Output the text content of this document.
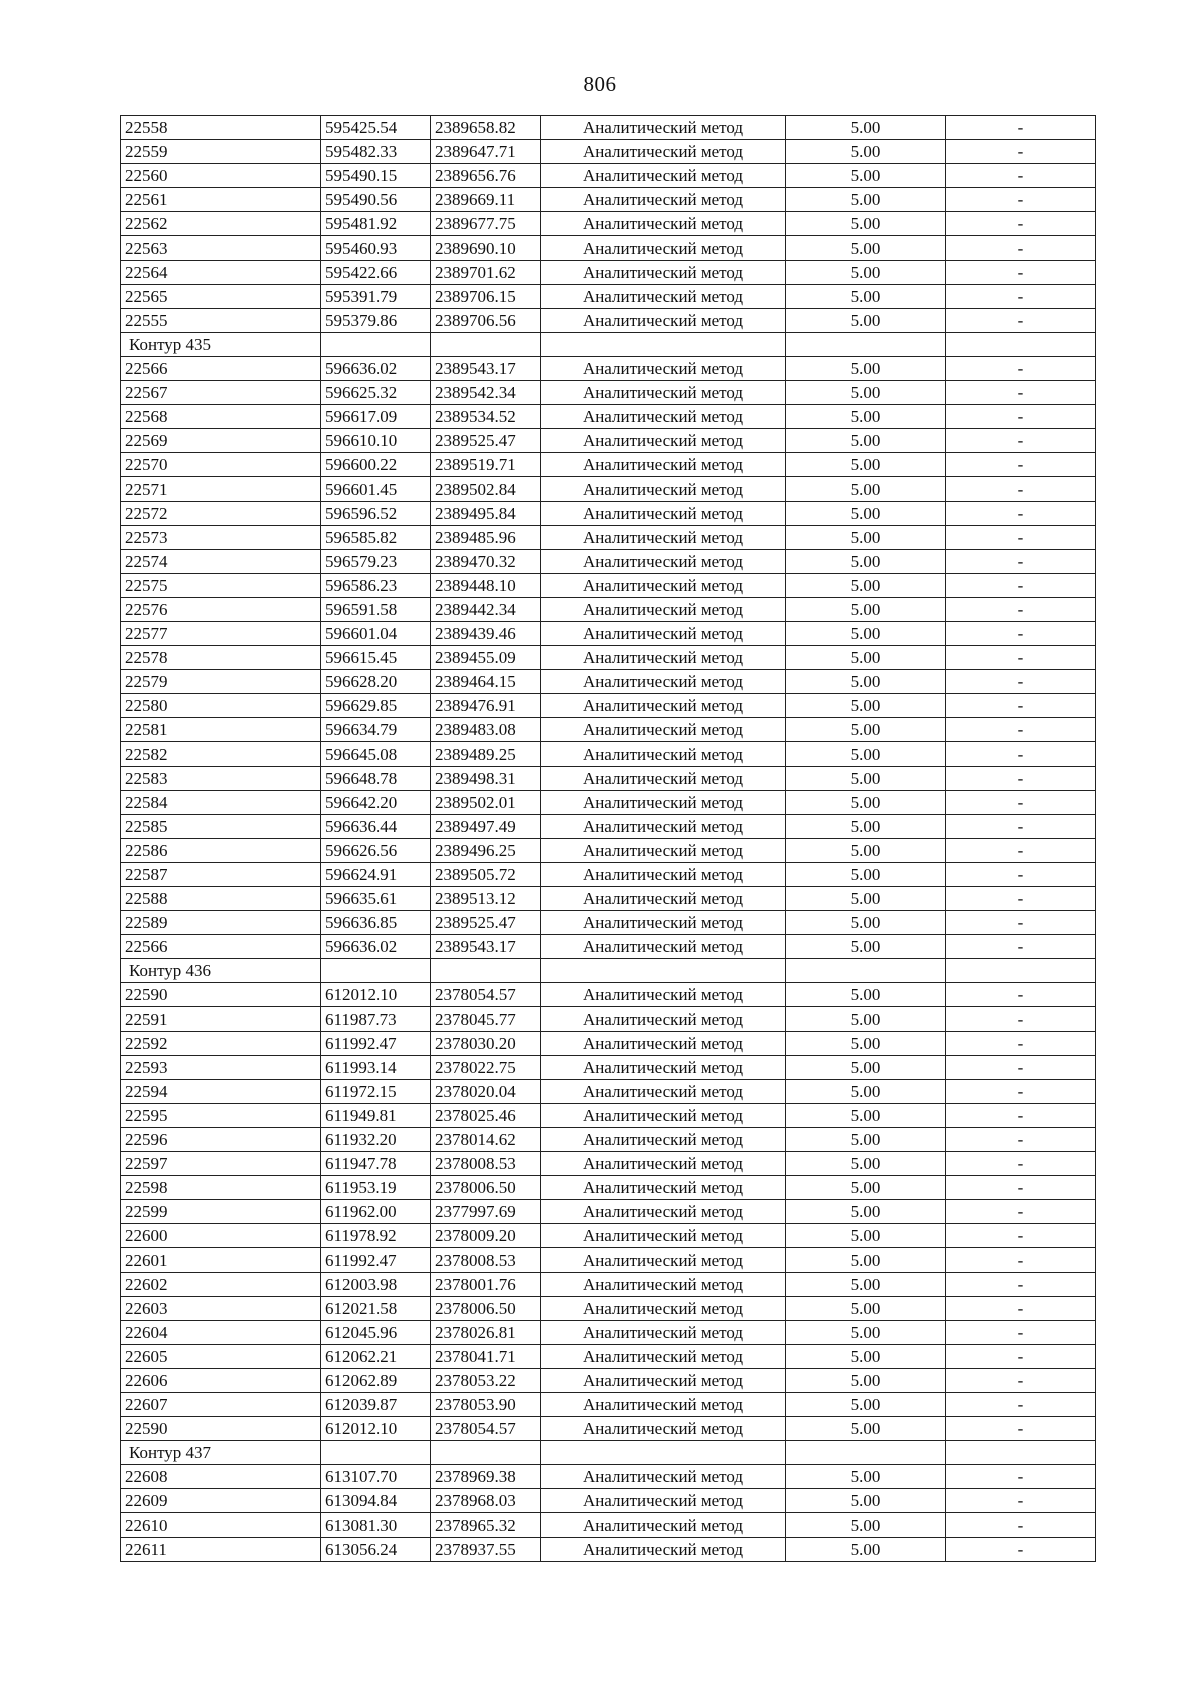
806
22558	595425.54	2389658.82	Аналитический метод	5.00	-
22559	595482.33	2389647.71	Аналитический метод	5.00	-
22560	595490.15	2389656.76	Аналитический метод	5.00	-
22561	595490.56	2389669.11	Аналитический метод	5.00	-
22562	595481.92	2389677.75	Аналитический метод	5.00	-
22563	595460.93	2389690.10	Аналитический метод	5.00	-
22564	595422.66	2389701.62	Аналитический метод	5.00	-
22565	595391.79	2389706.15	Аналитический метод	5.00	-
22555	595379.86	2389706.56	Аналитический метод	5.00	-
Контур 435					
22566	596636.02	2389543.17	Аналитический метод	5.00	-
22567	596625.32	2389542.34	Аналитический метод	5.00	-
22568	596617.09	2389534.52	Аналитический метод	5.00	-
22569	596610.10	2389525.47	Аналитический метод	5.00	-
22570	596600.22	2389519.71	Аналитический метод	5.00	-
22571	596601.45	2389502.84	Аналитический метод	5.00	-
22572	596596.52	2389495.84	Аналитический метод	5.00	-
22573	596585.82	2389485.96	Аналитический метод	5.00	-
22574	596579.23	2389470.32	Аналитический метод	5.00	-
22575	596586.23	2389448.10	Аналитический метод	5.00	-
22576	596591.58	2389442.34	Аналитический метод	5.00	-
22577	596601.04	2389439.46	Аналитический метод	5.00	-
22578	596615.45	2389455.09	Аналитический метод	5.00	-
22579	596628.20	2389464.15	Аналитический метод	5.00	-
22580	596629.85	2389476.91	Аналитический метод	5.00	-
22581	596634.79	2389483.08	Аналитический метод	5.00	-
22582	596645.08	2389489.25	Аналитический метод	5.00	-
22583	596648.78	2389498.31	Аналитический метод	5.00	-
22584	596642.20	2389502.01	Аналитический метод	5.00	-
22585	596636.44	2389497.49	Аналитический метод	5.00	-
22586	596626.56	2389496.25	Аналитический метод	5.00	-
22587	596624.91	2389505.72	Аналитический метод	5.00	-
22588	596635.61	2389513.12	Аналитический метод	5.00	-
22589	596636.85	2389525.47	Аналитический метод	5.00	-
22566	596636.02	2389543.17	Аналитический метод	5.00	-
Контур 436					
22590	612012.10	2378054.57	Аналитический метод	5.00	-
22591	611987.73	2378045.77	Аналитический метод	5.00	-
22592	611992.47	2378030.20	Аналитический метод	5.00	-
22593	611993.14	2378022.75	Аналитический метод	5.00	-
22594	611972.15	2378020.04	Аналитический метод	5.00	-
22595	611949.81	2378025.46	Аналитический метод	5.00	-
22596	611932.20	2378014.62	Аналитический метод	5.00	-
22597	611947.78	2378008.53	Аналитический метод	5.00	-
22598	611953.19	2378006.50	Аналитический метод	5.00	-
22599	611962.00	2377997.69	Аналитический метод	5.00	-
22600	611978.92	2378009.20	Аналитический метод	5.00	-
22601	611992.47	2378008.53	Аналитический метод	5.00	-
22602	612003.98	2378001.76	Аналитический метод	5.00	-
22603	612021.58	2378006.50	Аналитический метод	5.00	-
22604	612045.96	2378026.81	Аналитический метод	5.00	-
22605	612062.21	2378041.71	Аналитический метод	5.00	-
22606	612062.89	2378053.22	Аналитический метод	5.00	-
22607	612039.87	2378053.90	Аналитический метод	5.00	-
22590	612012.10	2378054.57	Аналитический метод	5.00	-
Контур 437					
22608	613107.70	2378969.38	Аналитический метод	5.00	-
22609	613094.84	2378968.03	Аналитический метод	5.00	-
22610	613081.30	2378965.32	Аналитический метод	5.00	-
22611	613056.24	2378937.55	Аналитический метод	5.00	-
